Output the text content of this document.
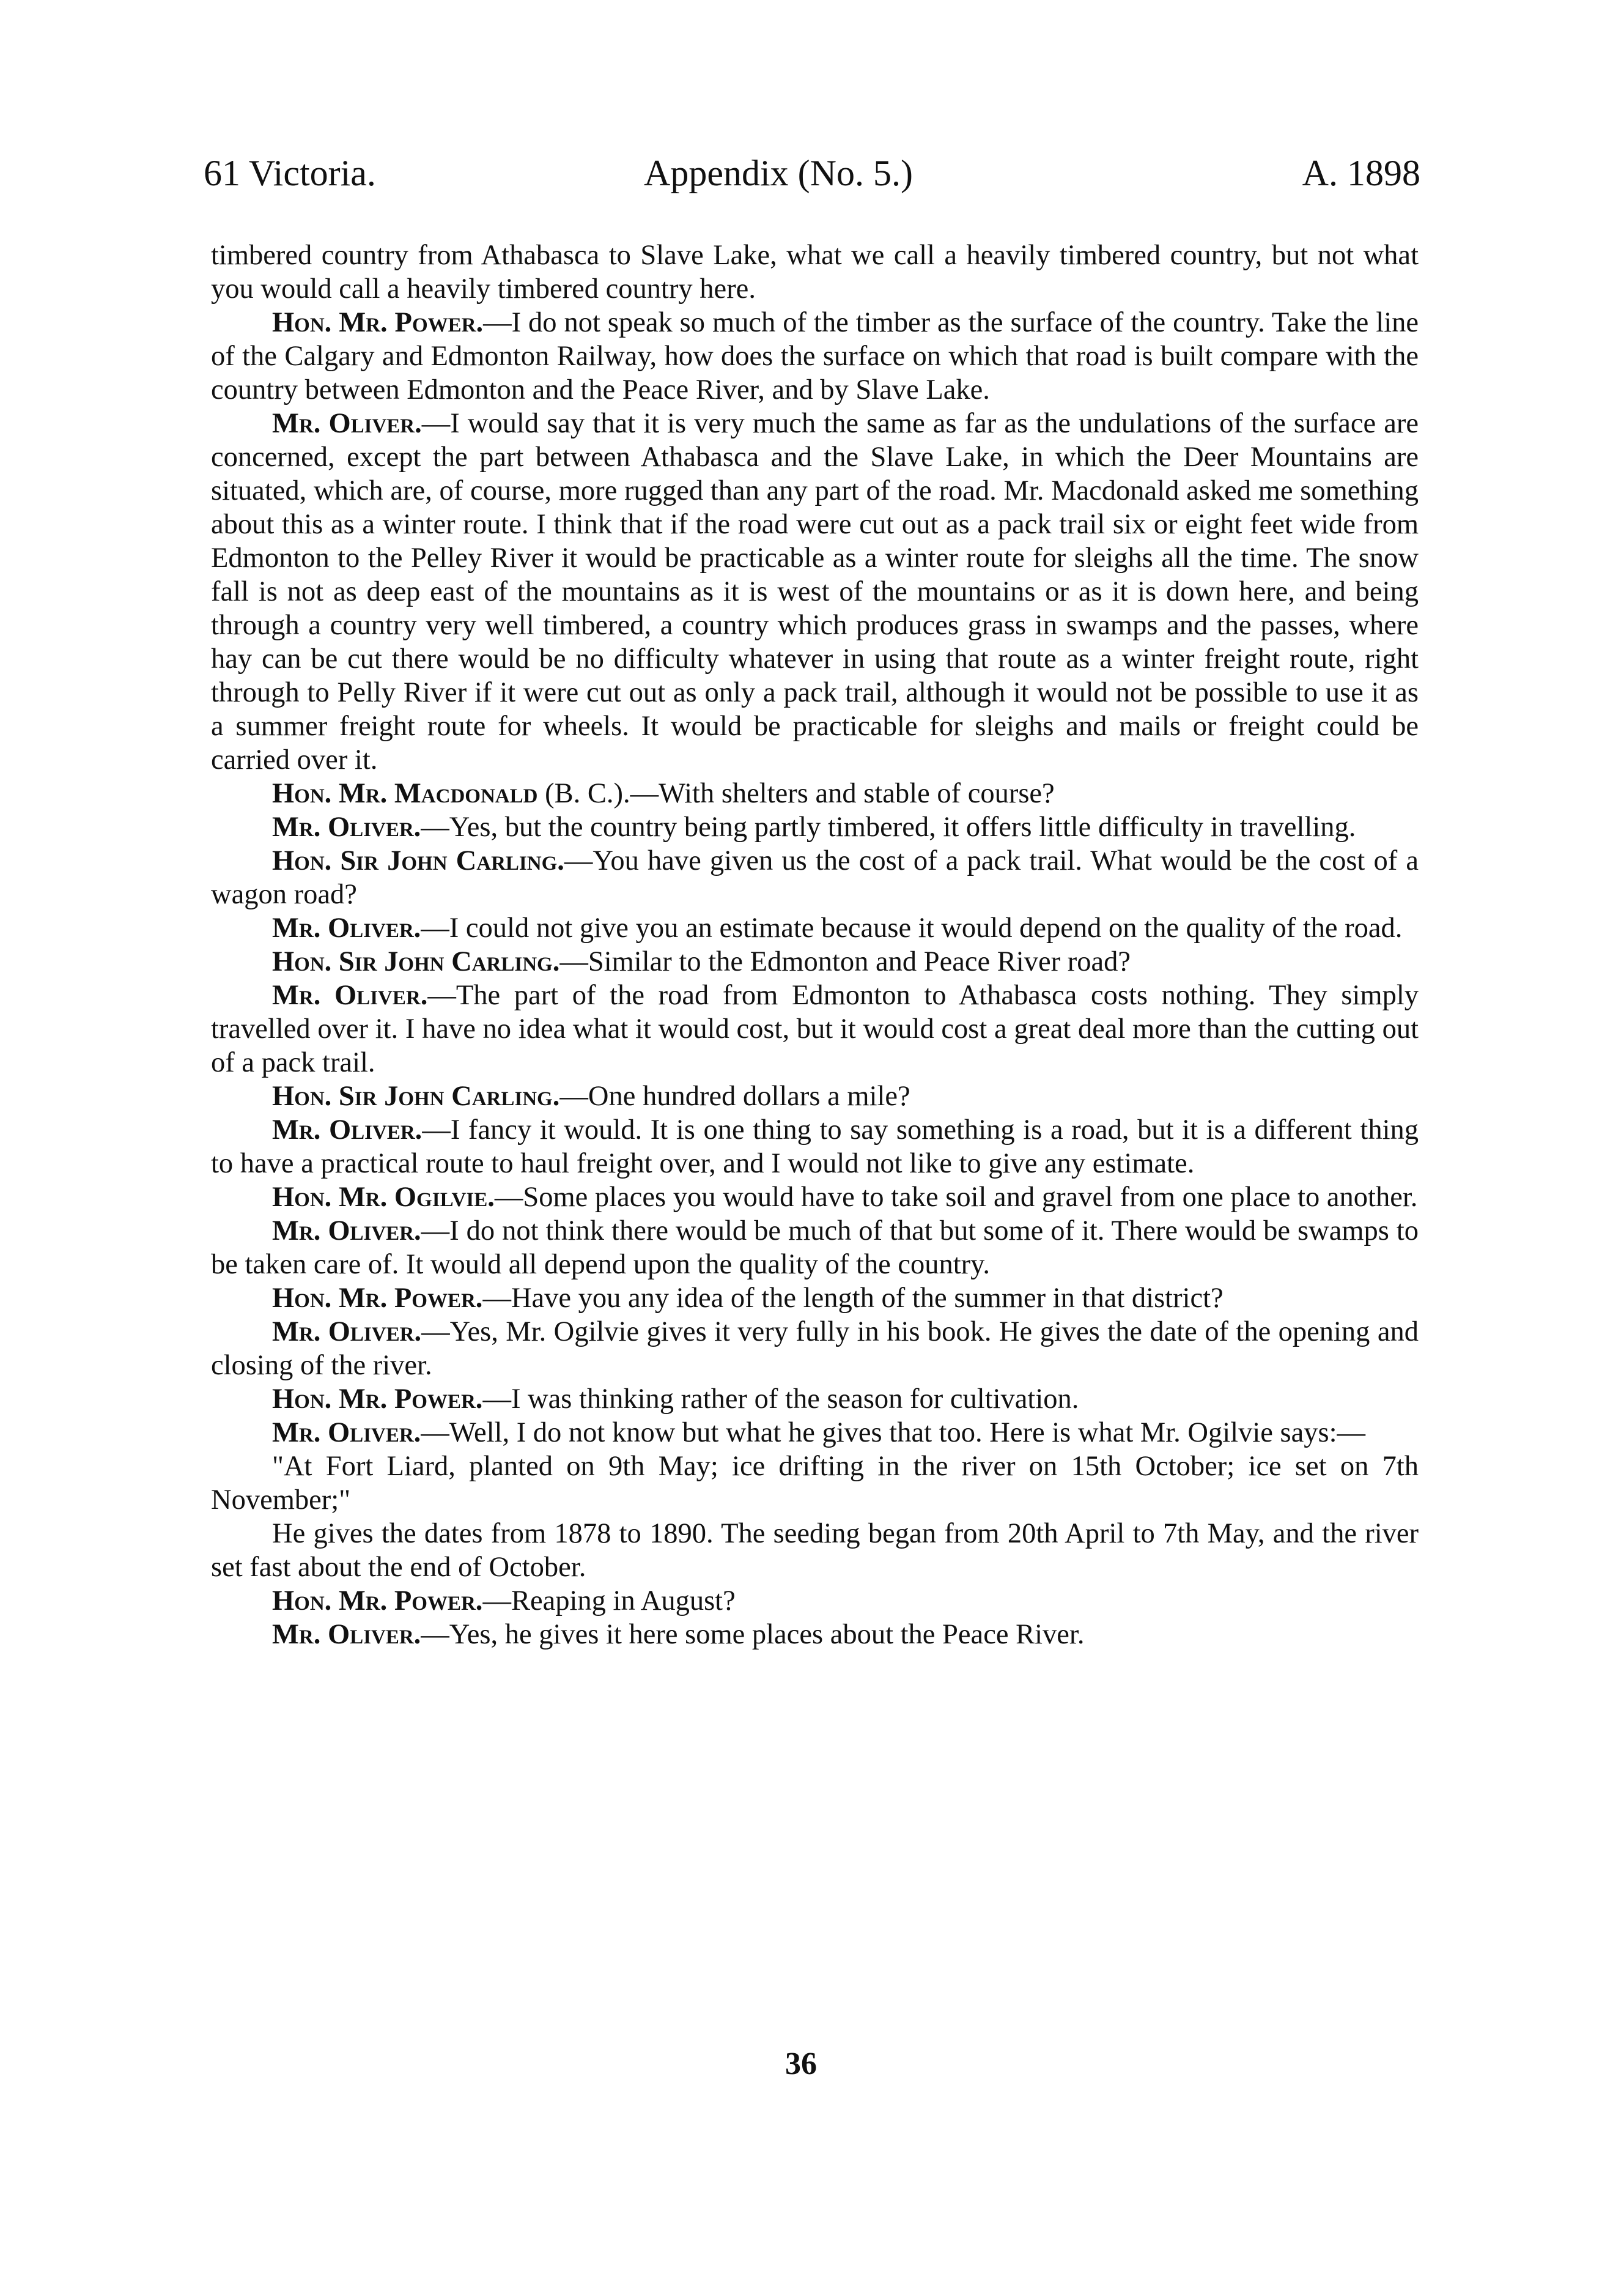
61 Victoria.	Appendix (No. 5.)	A. 1898

timbered country from Athabasca to Slave Lake, what we call a heavily timbered country, but not what you would call a heavily timbered country here.

Hon. Mr. Power.—I do not speak so much of the timber as the surface of the country. Take the line of the Calgary and Edmonton Railway, how does the surface on which that road is built compare with the country between Edmonton and the Peace River, and by Slave Lake.

Mr. Oliver.—I would say that it is very much the same as far as the undulations of the surface are concerned, except the part between Athabasca and the Slave Lake, in which the Deer Mountains are situated, which are, of course, more rugged than any part of the road. Mr. Macdonald asked me something about this as a winter route. I think that if the road were cut out as a pack trail six or eight feet wide from Edmonton to the Pelley River it would be practicable as a winter route for sleighs all the time. The snow fall is not as deep east of the mountains as it is west of the mountains or as it is down here, and being through a country very well timbered, a country which produces grass in swamps and the passes, where hay can be cut there would be no difficulty whatever in using that route as a winter freight route, right through to Pelly River if it were cut out as only a pack trail, although it would not be possible to use it as a summer freight route for wheels. It would be practicable for sleighs and mails or freight could be carried over it.

Hon. Mr. Macdonald (B. C.).—With shelters and stable of course?

Mr. Oliver.—Yes, but the country being partly timbered, it offers little difficulty in travelling.

Hon. Sir John Carling.—You have given us the cost of a pack trail. What would be the cost of a wagon road?

Mr. Oliver.—I could not give you an estimate because it would depend on the quality of the road.

Hon. Sir John Carling.—Similar to the Edmonton and Peace River road?

Mr. Oliver.—The part of the road from Edmonton to Athabasca costs nothing. They simply travelled over it. I have no idea what it would cost, but it would cost a great deal more than the cutting out of a pack trail.

Hon. Sir John Carling.—One hundred dollars a mile?

Mr. Oliver.—I fancy it would. It is one thing to say something is a road, but it is a different thing to have a practical route to haul freight over, and I would not like to give any estimate.

Hon. Mr. Ogilvie.—Some places you would have to take soil and gravel from one place to another.

Mr. Oliver.—I do not think there would be much of that but some of it. There would be swamps to be taken care of. It would all depend upon the quality of the country.

Hon. Mr. Power.—Have you any idea of the length of the summer in that district?

Mr. Oliver.—Yes, Mr. Ogilvie gives it very fully in his book. He gives the date of the opening and closing of the river.

Hon. Mr. Power.—I was thinking rather of the season for cultivation.

Mr. Oliver.—Well, I do not know but what he gives that too. Here is what Mr. Ogilvie says:—

"At Fort Liard, planted on 9th May; ice drifting in the river on 15th October; ice set on 7th November;"

He gives the dates from 1878 to 1890. The seeding began from 20th April to 7th May, and the river set fast about the end of October.

Hon. Mr. Power.—Reaping in August?

Mr. Oliver.—Yes, he gives it here some places about the Peace River.

36
